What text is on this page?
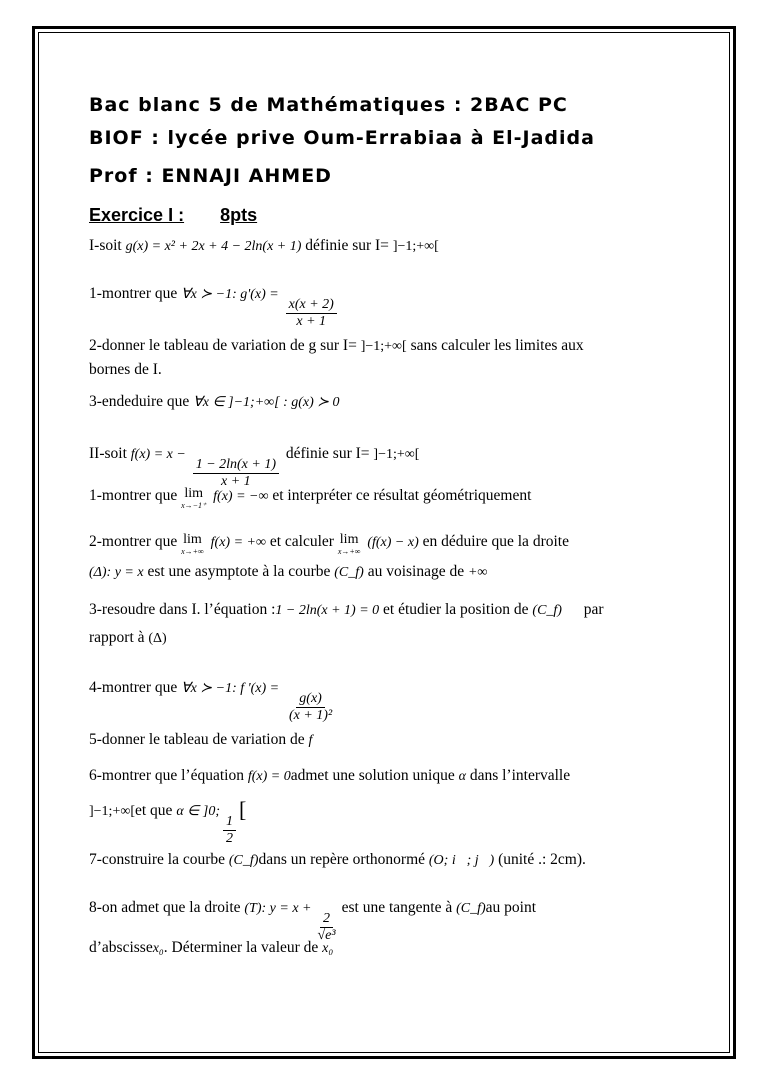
Bac blanc 5 de Mathématiques : 2BAC PC
BIOF : lycée prive Oum-Errabiaa à El-Jadida
Prof : ENNAJI AHMED
Exercice I : 8pts
I-soit g(x) = x² + 2x + 4 − 2ln(x + 1) définie sur I= ]−1;+∞[
1-montrer que ∀x ≻ −1: g'(x) =
$\frac{x(x + 2)}{x + 1}$
2-donner le tableau de variation de g sur I= ]−1;+∞[ sans calculer les limites aux
bornes de I.
3-endeduire que ∀x ∈ ]−1;+∞[ : g(x) ≻ 0
II-soit f(x) = x −
$\frac{1 - 2\ln(x + 1)}{x + 1}$
définie sur I= ]−1;+∞[
1-montrer que lim
x→−1⁺
f(x) = −∞ et interpréter ce résultat géométriquement
2-montrer que lim
x→+∞
f(x) = +∞ et calculer lim
x→+∞
(f(x) − x) en déduire que la droite
(Δ): y = x est une asymptote à la courbe (C_f) au voisinage de +∞
3-resoudre dans I. l’équation :1 − 2ln(x + 1) = 0 et étudier la position de (C_f) par
rapport à (Δ)
4-montrer que ∀x ≻ −1: f '(x) =
$\frac{g(x)}{\text{(x + 1)²}}$
5-donner le tableau de variation de f
6-montrer que l’équation f(x) = 0admet une solution unique α dans l’intervalle
]−1;+∞[et que α ∈ ]0;
$\frac{1}{2}$
[
7-construire la courbe (C_f)dans un repère orthonormé (O; i⃗; j⃗) (unité .: 2cm).
8-on admet que la droite (T): y = x +
$\frac{2}{\text{√e³}}$
est une tangente à (C_f)au point
d’abscissex₀. Déterminer la valeur de x₀
